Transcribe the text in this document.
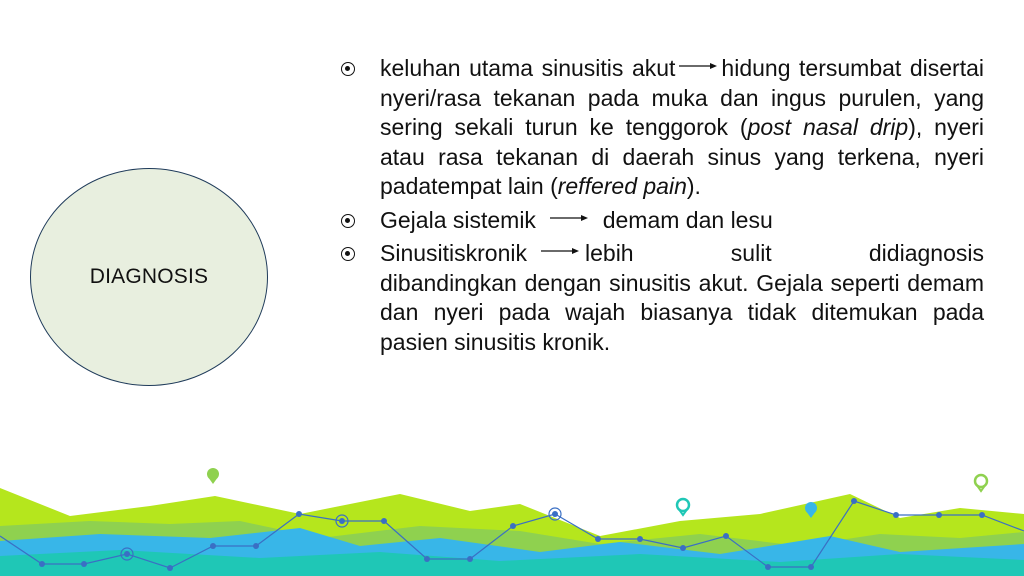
DIAGNOSIS
keluhan utama sinusitis akut hidung tersumbat disertai nyeri/rasa tekanan pada muka dan ingus purulen, yang sering sekali turun ke tenggorok (post nasal drip), nyeri atau rasa tekanan di daerah sinus yang terkena, nyeri padatempat lain (reffered pain).
Gejala sistemik	demam dan lesu
Sinusitiskronik	lebih	sulit	didiagnosis
dibandingkan dengan sinusitis akut. Gejala seperti demam dan nyeri pada wajah biasanya tidak ditemukan pada pasien sinusitis kronik.
